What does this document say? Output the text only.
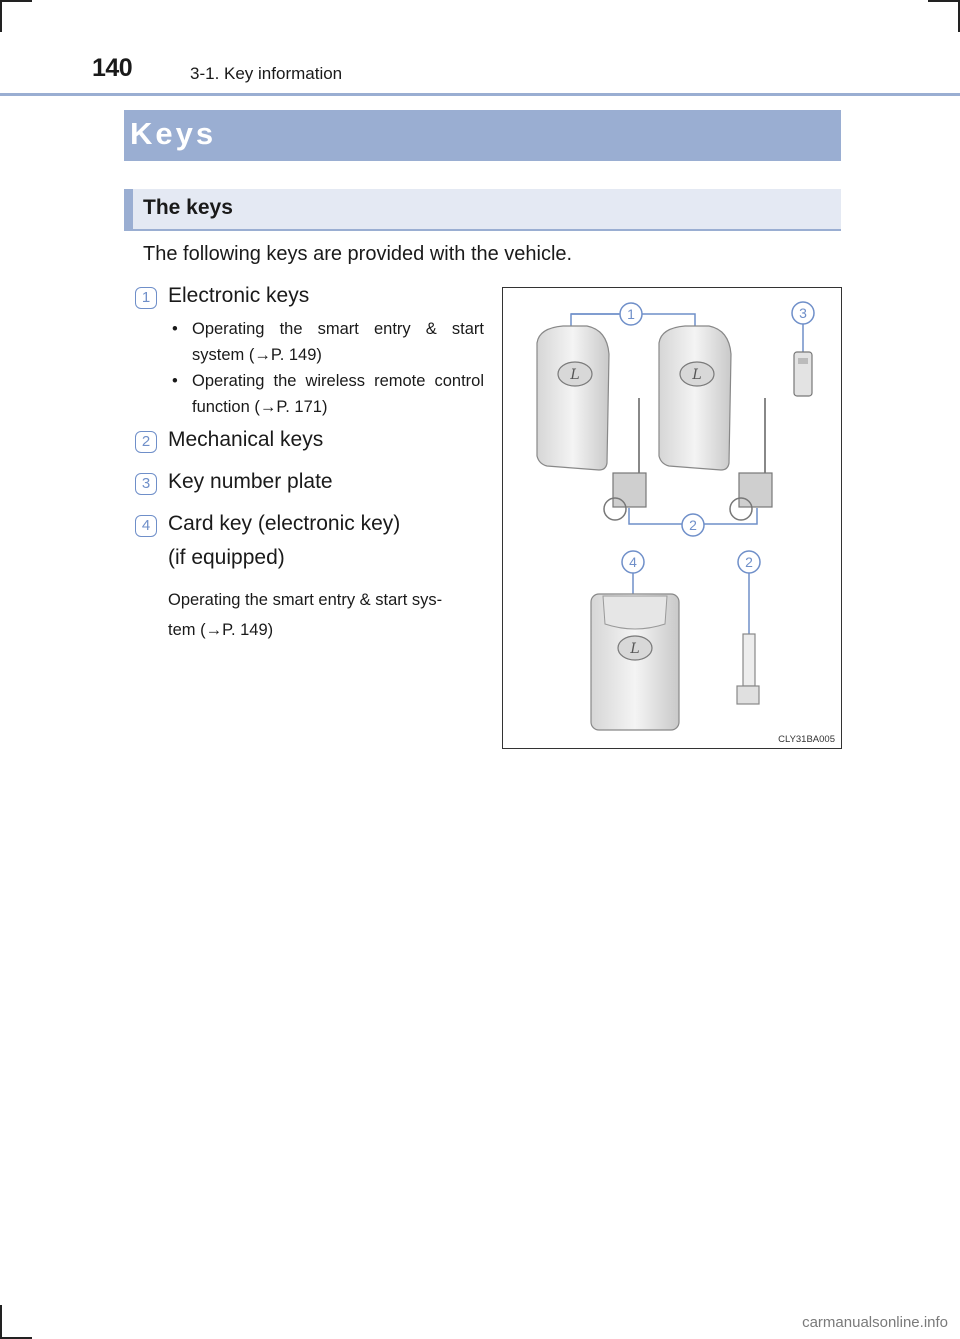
140	3-1. Key information
Keys
The keys
The following keys are provided with the vehicle.
1 Electronic keys
• Operating the smart entry & start system (→P. 149)
• Operating the wireless remote control function (→P. 171)
2 Mechanical keys
3 Key number plate
4 Card key (electronic key)
(if equipped)
Operating the smart entry & start sys-
tem (→P. 149)
L	L
L
1	3
2
4	2
CLY31BA005
carmanualsonline.info
